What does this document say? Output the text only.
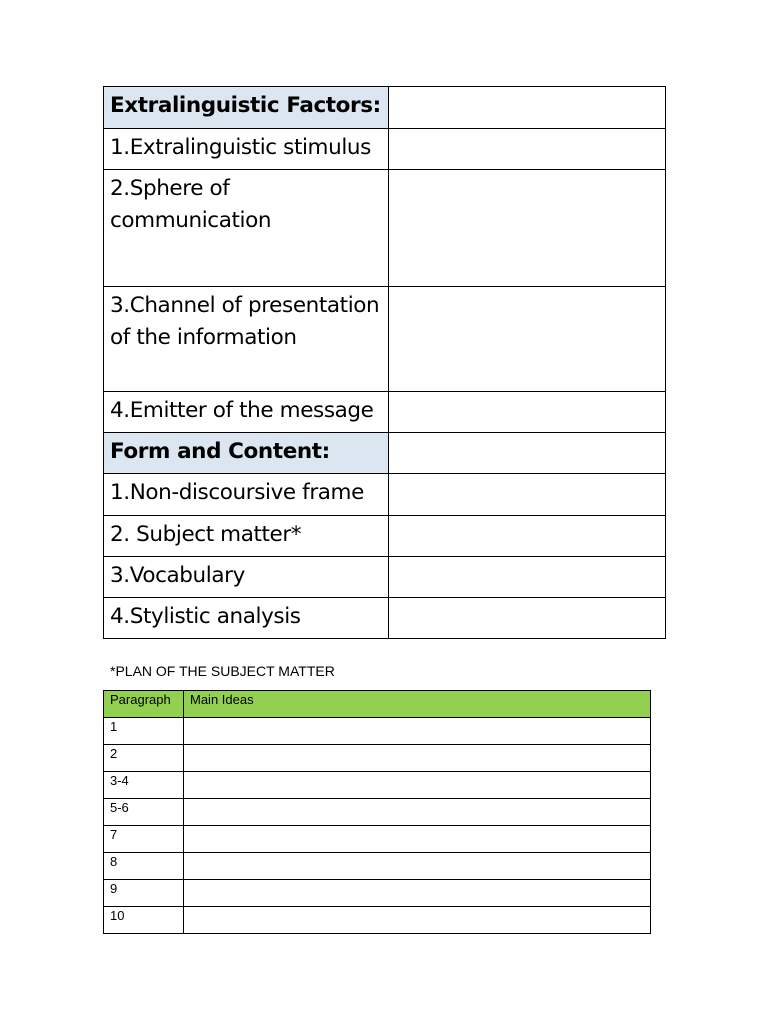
Extralinguistic Factors:	
1.Extralinguistic stimulus	
2.Sphere of communication	
3.Channel of presentation of the information	
4.Emitter of the message	
Form and Content:	
1.Non-discoursive frame	
2. Subject matter*	
3.Vocabulary	
4.Stylistic analysis	
*PLAN OF THE SUBJECT MATTER
Paragraph	Main Ideas
1	
2	
3-4	
5-6	
7	
8	
9	
10	
